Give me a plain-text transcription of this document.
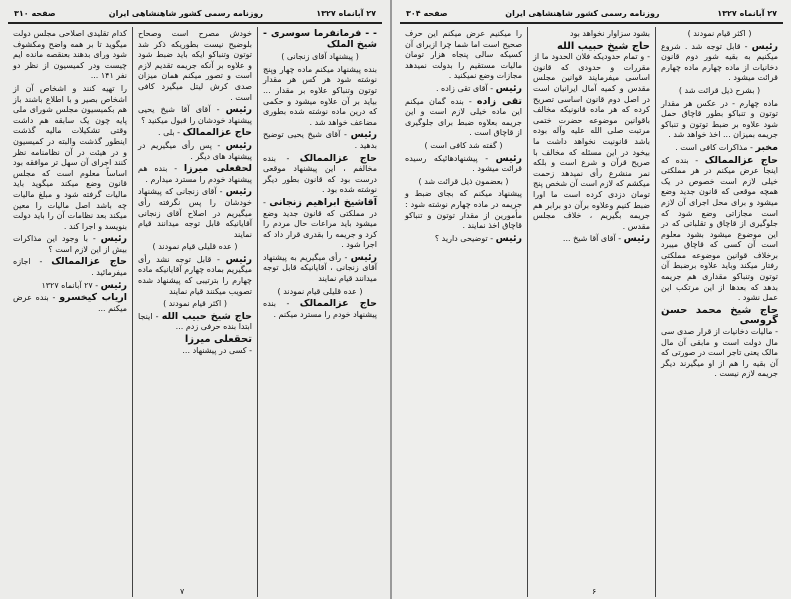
۲۷ آبانماه ۱۳۲۷
روزنامه رسمی کشور شاهنشاهی ایران
صفحه ۳۱۰
- - فرمانفرما سوسری - شیخ الملک
( پیشنهاد آقای زنجانی )
بنده پیشنهاد میکنم ماده چهار وپنج نوشته شود هر کس هر مقدار توتون وتنباکو علاوه بر مقدار ... بیاید بر آن علاوه میشود و حکمی که درین ماده نوشته شده بطوری مضاعف خواهد شد .
رئیس - آقای شیخ یحیی توضیح بدهید .
حاج عزالممالک - بنده مخالفم ، این پیشنهاد موقعی درست بود که قانون بطور دیگر نوشته شده بود .
آقاشیخ ابراهیم زنجانی - در مملکتی که قانون جدید وضع میشود باید مراعات حال مردم را کرد و جریمه را بقدری قرار داد که اجرا شود .
رئیس - رأی میگیریم به پیشنهاد آقای زنجانی ، آقایانیکه قابل توجه میدانند قیام نمایند
( عده قلیلی قیام نمودند )
حاج عزالممالک - بنده پیشنهاد خودم را مسترد میکنم .
خودش مصرح است وصحاح بلوضیح نیست بطوریکه ذکر شد توتون وتنباکو ایکه باید ضبط شود و علاوه بر آنکه جریمه تقدیم لازم است و تصور میکنم همان میزان صدی کرش لیتل میگیرد کافی است .
رئیس - آقای آقا شیخ یحیی پیشنهاد خودشان را قبول میکنید ؟
حاج عزالممالک - بلی .
رئیس - پس رأی میگیریم در پیشنهاد های دیگر .
لحقعلی میرزا - بنده هم پیشنهاد خودم را مسترد میدارم .
رئیس - آقای زنجانی که پیشنهاد خودشان را پس نگرفته رأی میگیریم در اصلاح آقای زنجانی آقایانیکه قابل توجه میدانند قیام نمایند
( عده قلیلی قیام نمودند )
رئیس - قابل توجه نشد رأی میگیریم بماده چهارم آقایانیکه ماده چهارم را بترتیبی که پیشنهاد شده تصویب میکنند قیام نمایند
( اکثر قیام نمودند )
حاج شیخ حبیب الله - اینجا ابتدا بنده حرفی زدم ...
تحقعلی میرزا
- کسی در پیشنهاد ...
کدام تقلیدی اصلاحی مجلس دولت میگوید تا بر همه واضح ومکشوف شود ورای بدهند بعنقصه مانده ایم چیست ودر کمیسیون از نظر دو نفر ۱۴۱ ...
را تهیه کنند و اشخاص آن از اشخاص بصیر و با اطلاع باشند باز هم بکمیسیون مجلس شورای ملی پایه چون یک سابقه هم داشت وقتی تشکیلات مالیه گذشت اینطور گذشت والبته در کمیسیون و در هیئت در آن نظامنامه نظر کنند اجرای آن سهل تر موافقه بود اساساً معلوم است که مجلس قانون وضع میکند میگوید باید مالیات گرفته شود و مبلغ مالیات چه باشد اصل مالیات را معین میکند بعد نظامات آن را باید دولت بنویسد و اجرا کند .
رئیس - با وجود این مذاکرات بیش از این لازم است ؟
حاج عزالممالک - اجازه میفرمائید .
رئیس - ۲۷ آبانماه ۱۳۲۷
اریاب کیخسرو - بنده عرض میکنم ...
۷
۲۷ آبانماه ۱۳۲۷
روزنامه رسمی کشور شاهنشاهی ایران
صفحه ۳۰۴
( اکثر قیام نمودند )
رئیس - قابل توجه شد . شروع میکنیم به بقیه شور دوم قانون دخانیات از ماده چهارم ماده چهارم قرائت میشود .
( بشرح ذیل قرائت شد )
ماده چهارم - در عکس هر مقدار توتون و تنباکو بطور قاچاق حمل شود علاوه بر ضبط توتون و تنباکو جریمه بمیزان ... اخذ خواهد شد .
مخبر - مذاکرات کافی است .
حاج عزالممالک - بنده که اینجا عرض میکنم در هر مملکتی خیلی لازم است خصوص در یک همچه موقعی که قانون جدید وضع میشود و برای محل اجرای آن لازم است مجازاتی وضع شود که جلوگیری از قاچاق و تقلباتی که در این موضوع میشود بشود معلوم است آن کسی که قاچاق میبرد برخلاف قوانین موضوعه مملکتی رفتار میکند وباید علاوه برضبط آن توتون وتنباکو مقداری هم جریمه بدهد که بعدها از این مرتکب این عمل نشود .
حاج شیخ محمد حسن گروسی
- مالیات دخانیات از قرار صدی سی مال دولت است و مابقی آن مال مالک یعنی تاجر است در صورتی که آن بقیه را هم از او میگیرند دیگر جریمه لازم نیست .
بشود سزاوار نخواهد بود
حاج شیخ حبیب الله
- و تمام حدودیکه فلان الحدود ما از مقررات و حدودی که قانون اساسی میفرمایند قوانین مجلس مقدس و کمیه آمال ایرانیان است در اصل دوم قانون اساسی تصریح کرده که هر ماده قانونیکه مخالف باقوانین موضوعه حضرت ختمی مرتبت صلی الله علیه وآله بوده باشد قانونیت نخواهد داشت ما بیخود در این مسئله که مخالف با صریح قرآن و شرع است و بلکه نمر منشرع رأی نمیدهد زحمت میکشم که لازم است آن شخص پنج تومان دزدی کرده است ما اورا ضبط کنیم وعلاوه برآن دو برابر هم جریمه بگیریم ، خلاف مجلس مقدس .
رئیس - آقای آقا شیخ ...
را میکنیم عرض میکنم این حرف صحیح است اما شما چرا ازبرای آن کسیکه سالی پنجاه هزار تومان مالیات مستقیم را بدولت نمیدهد مجازات وضع نمیکنید .
رئیس - آقای تقی زاده .
تقی زاده - بنده گمان میکنم این ماده خیلی لازم است و این جریمه بعلاوه ضبط برای جلوگیری از قاچاق است .
( گفته شد کافی است )
رئیس - پیشنهادهائیکه رسیده قرائت میشود .
( بعضمون ذیل قرائت شد )
پیشنهاد میکنم که بجای ضبط و جریمه در ماده چهارم نوشته شود : مأمورین از مقدار توتون و تنباکو قاچاق اخذ نمایند .
رئیس - توضیحی دارید ؟
۶
